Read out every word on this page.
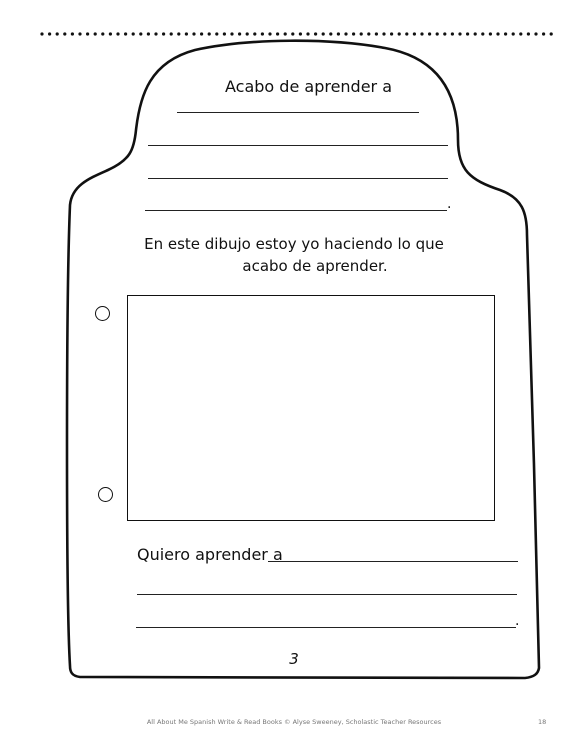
Acabo de aprender a
.
En este dibujo estoy yo haciendo lo que
acabo de aprender.
Quiero aprender a
.
3
All About Me Spanish Write & Read Books © Alyse Sweeney, Scholastic Teacher Resources	18
